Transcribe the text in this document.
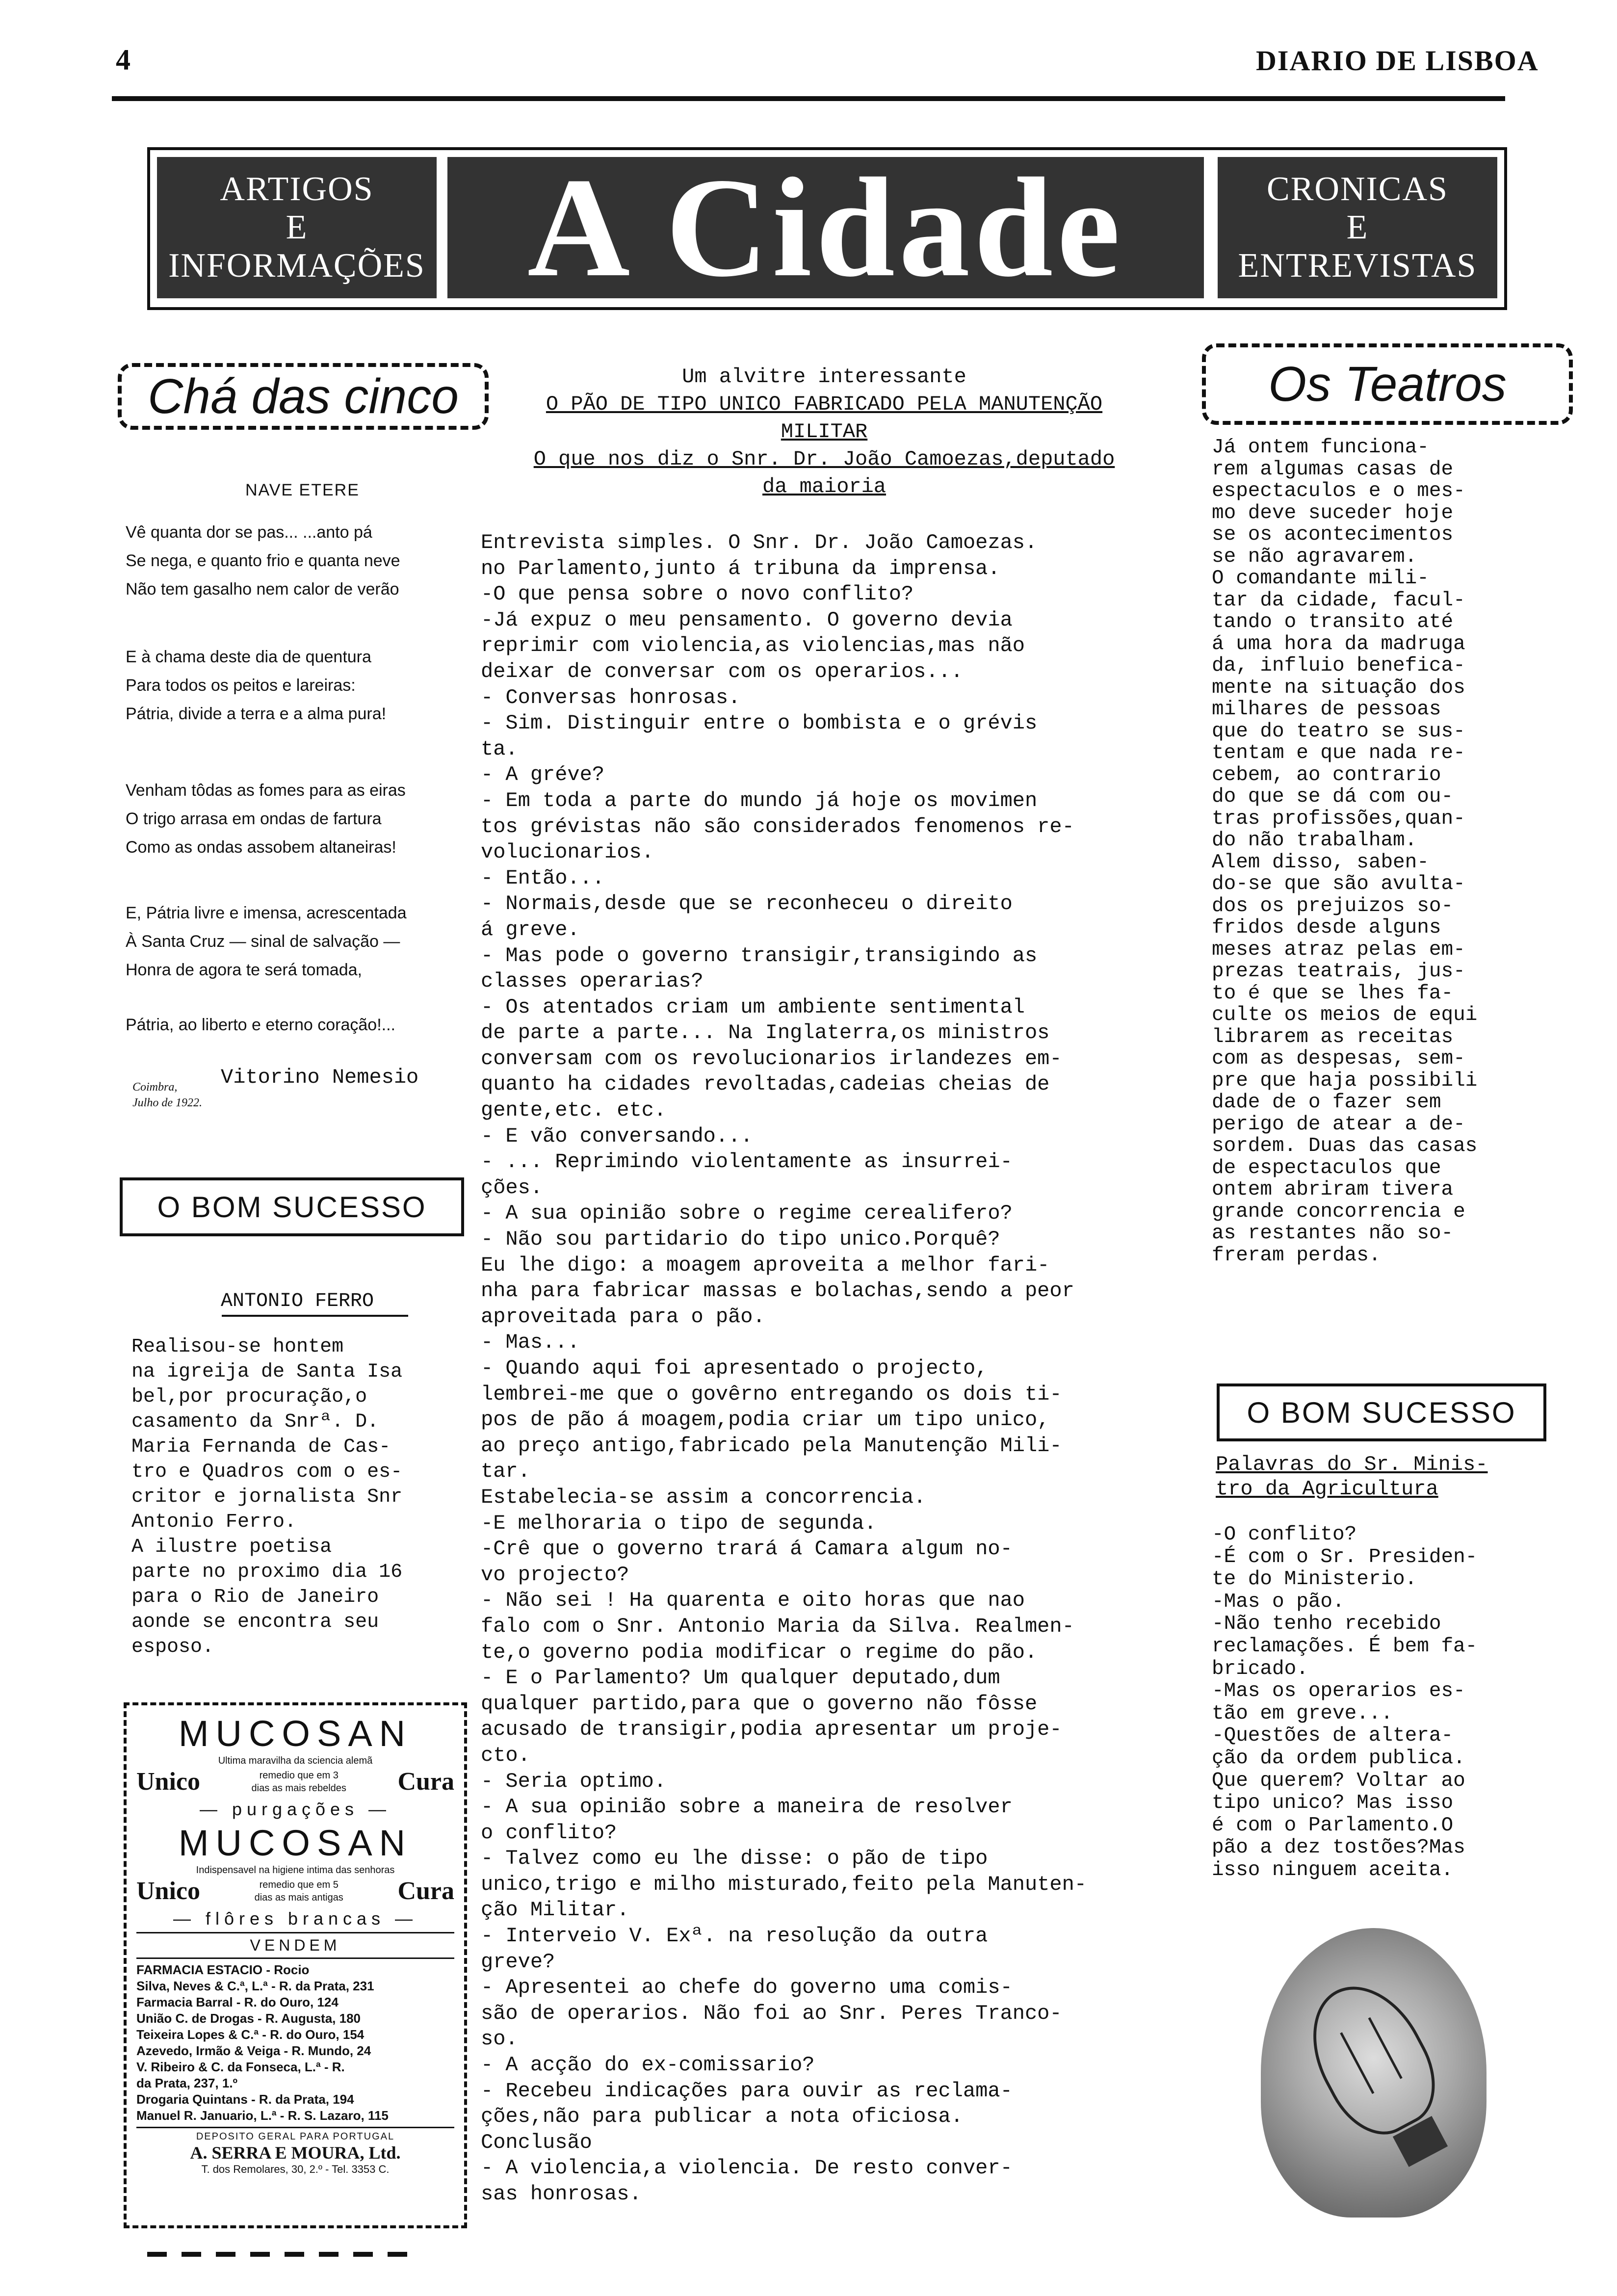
4	DIARIO DE LISBOA
ARTIGOS
E
INFORMAÇÕES A Cidade	CRONICAS
E
ENTREVISTAS
Chá das cinco
NAVE ETERE
Vê quanta dor se pas... ...anto pá
Se nega, e quanto frio e quanta neve
Não tem gasalho nem calor de verão
E à chama deste dia de quentura
Para todos os peitos e lareiras:
Pátria, divide a terra e a alma pura!
Venham tôdas as fomes para as eiras
O trigo arrasa em ondas de fartura
Como as ondas assobem altaneiras!
E, Pátria livre e imensa, acrescentada
À Santa Cruz — sinal de salvação —
Honra de agora te será tomada,
Pátria, ao liberto e eterno coração!...
Vitorino Nemesio
Coimbra,
Julho de 1922.
O BOM SUCESSO
ANTONIO FERRO
Realisou-se hontem
na igreija de Santa Isa
bel,por procuração,o
casamento da Snrª. D.
Maria Fernanda de Cas-
tro e Quadros com o es-
critor e jornalista Snr
Antonio Ferro.
A ilustre poetisa
parte no proximo dia 16
para o Rio de Janeiro
aonde se encontra seu
esposo.
MUCOSAN
Ultima maravilha da sciencia alemã
Unico	remedio que em 3 dias as mais rebeldes Cura
— purgações —
MUCOSAN
Indispensavel na higiene intima das senhoras
Unico	remedio que em 5 dias as mais antigas Cura
— flôres brancas —
VENDEM
FARMACIA ESTACIO - Rocio
Silva, Neves & C.ª, L.ª - R. da Prata, 231
Farmacia Barral - R. do Ouro, 124
União C. de Drogas - R. Augusta, 180
Teixeira Lopes & C.ª - R. do Ouro, 154
Azevedo, Irmão & Veiga - R. Mundo, 24
V. Ribeiro & C. da Fonseca, L.ª - R.
da Prata, 237, 1.º
Drogaria Quintans - R. da Prata, 194
Manuel R. Januario, L.ª - R. S. Lazaro, 115
DEPOSITO GERAL PARA PORTUGAL
A. SERRA E MOURA, Ltd.
T. dos Remolares, 30, 2.º - Tel. 3353 C.
Um alvitre interessante
O PÃO DE TIPO UNICO FABRICADO PELA MANUTENÇÃO
MILITAR
O que nos diz o Snr. Dr. João Camoezas,deputado
da maioria
Entrevista simples. O Snr. Dr. João Camoezas.
no Parlamento,junto á tribuna da imprensa.
-O que pensa sobre o novo conflito?
-Já expuz o meu pensamento. O governo devia
reprimir com violencia,as violencias,mas não
deixar de conversar com os operarios...
- Conversas honrosas.
- Sim. Distinguir entre o bombista e o grévis
ta.
- A gréve?
- Em toda a parte do mundo já hoje os movimen
tos grévistas não são considerados fenomenos re-
volucionarios.
- Então...
- Normais,desde que se reconheceu o direito
á greve.
- Mas pode o governo transigir,transigindo as
classes operarias?
- Os atentados criam um ambiente sentimental
de parte a parte... Na Inglaterra,os ministros
conversam com os revolucionarios irlandezes em-
quanto ha cidades revoltadas,cadeias cheias de
gente,etc. etc.
- E vão conversando...
- ... Reprimindo violentamente as insurrei-
ções.
- A sua opinião sobre o regime cerealifero?
- Não sou partidario do tipo unico.Porquê?
Eu lhe digo: a moagem aproveita a melhor fari-
nha para fabricar massas e bolachas,sendo a peor
aproveitada para o pão.
- Mas...
- Quando aqui foi apresentado o projecto,
lembrei-me que o govêrno entregando os dois ti-
pos de pão á moagem,podia criar um tipo unico,
ao preço antigo,fabricado pela Manutenção Mili-
tar.
Estabelecia-se assim a concorrencia.
-E melhoraria o tipo de segunda.
-Crê que o governo trará á Camara algum no-
vo projecto?
- Não sei ! Ha quarenta e oito horas que nao
falo com o Snr. Antonio Maria da Silva. Realmen-
te,o governo podia modificar o regime do pão.
- E o Parlamento? Um qualquer deputado,dum
qualquer partido,para que o governo não fôsse
acusado de transigir,podia apresentar um proje-
cto.
- Seria optimo.
- A sua opinião sobre a maneira de resolver
o conflito?
- Talvez como eu lhe disse: o pão de tipo
unico,trigo e milho misturado,feito pela Manuten-
ção Militar.
- Interveio V. Exª. na resolução da outra
greve?
- Apresentei ao chefe do governo uma comis-
são de operarios. Não foi ao Snr. Peres Tranco-
so.
- A acção do ex-comissario?
- Recebeu indicações para ouvir as reclama-
ções,não para publicar a nota oficiosa.
Conclusão
- A violencia,a violencia. De resto conver-
sas honrosas.
Os Teatros
Já ontem funciona-
rem algumas casas de
espectaculos e o mes-
mo deve suceder hoje
se os acontecimentos
se não agravarem.
O comandante mili-
tar da cidade, facul-
tando o transito até
á uma hora da madruga
da, influio benefica-
mente na situação dos
milhares de pessoas
que do teatro se sus-
tentam e que nada re-
cebem, ao contrario
do que se dá com ou-
tras profissões,quan-
do não trabalham.
Alem disso, saben-
do-se que são avulta-
dos os prejuizos so-
fridos desde alguns
meses atraz pelas em-
prezas teatrais, jus-
to é que se lhes fa-
culte os meios de equi
librarem as receitas
com as despesas, sem-
pre que haja possibili
dade de o fazer sem
perigo de atear a de-
sordem. Duas das casas
de espectaculos que
ontem abriram tivera
grande concorrencia e
as restantes não so-
freram perdas.
O BOM SUCESSO
Palavras do Sr. Minis-
tro da Agricultura
-O conflito?
-É com o Sr. Presiden-
te do Ministerio.
-Mas o pão.
-Não tenho recebido
reclamações. É bem fa-
bricado.
-Mas os operarios es-
tão em greve...
-Questões de altera-
ção da ordem publica.
Que querem? Voltar ao
tipo unico? Mas isso
é com o Parlamento.O
pão a dez tostões?Mas
isso ninguem aceita.
